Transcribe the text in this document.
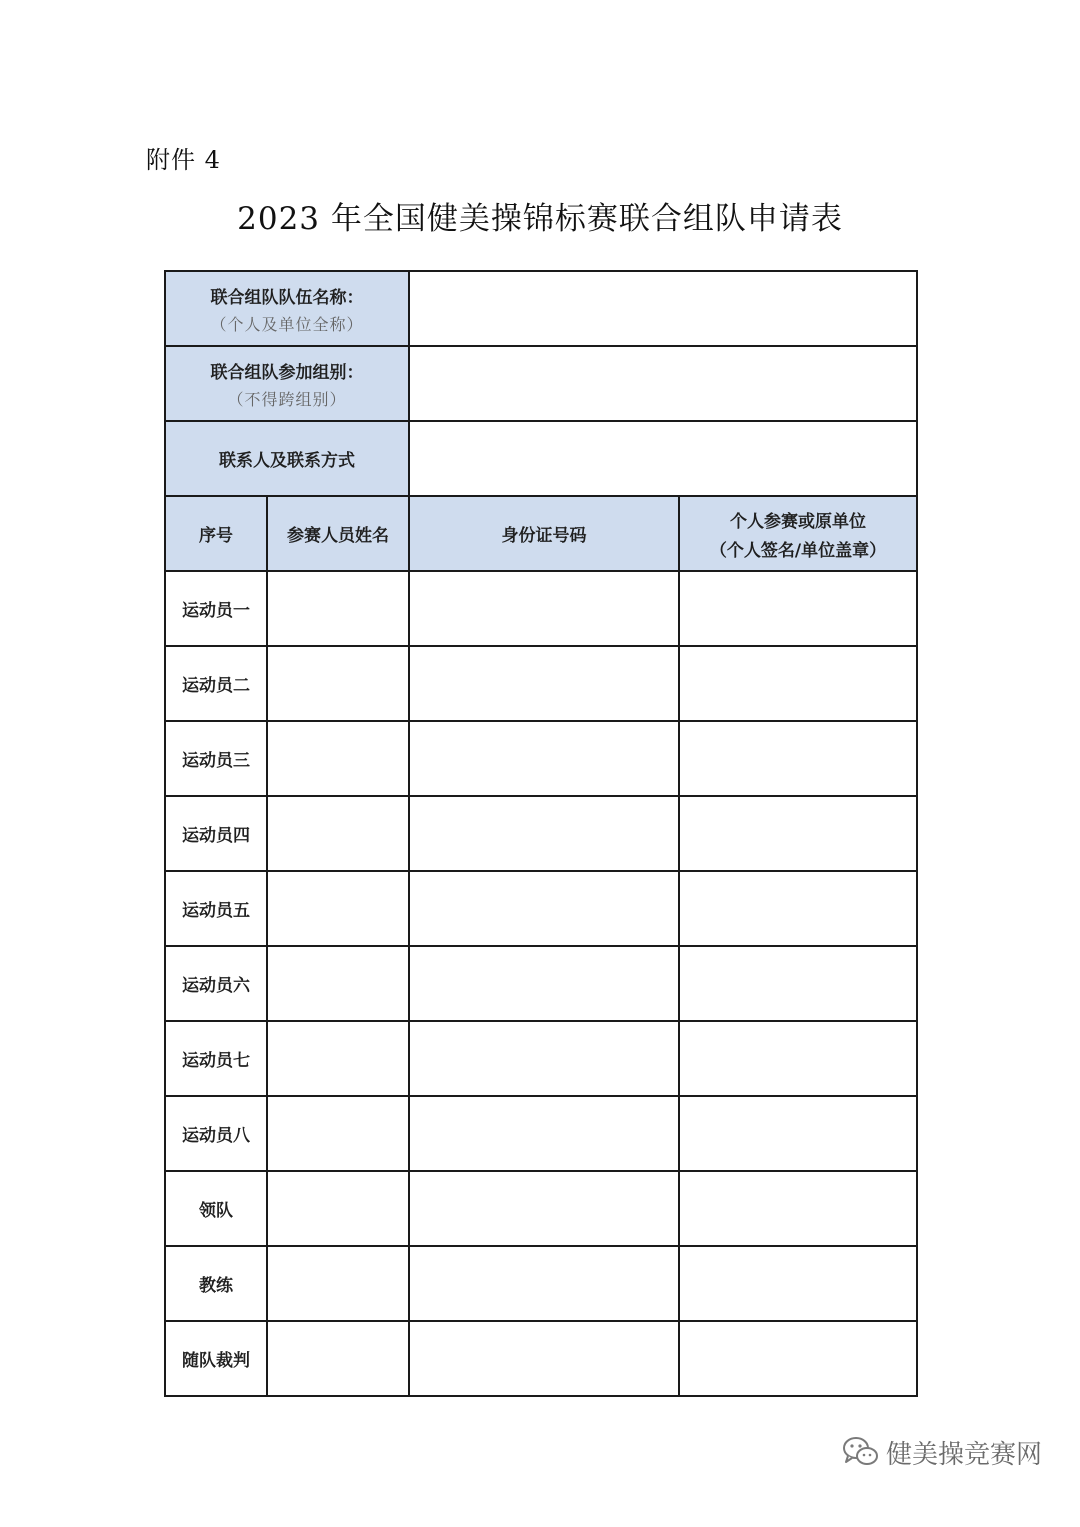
附件 4
2023 年全国健美操锦标赛联合组队申请表
联合组队队伍名称：
（个人及单位全称）			

联合组队参加组别：
（不得跨组别）			

联系人及联系方式			
序号	参赛人员姓名	身份证号码	个人参赛或原单位
（个人签名/单位盖章）

运动员一			
运动员二			
运动员三			
运动员四			
运动员五			
运动员六			
运动员七			
运动员八			
领队			
教练			
随队裁判			
健美操竞赛网
